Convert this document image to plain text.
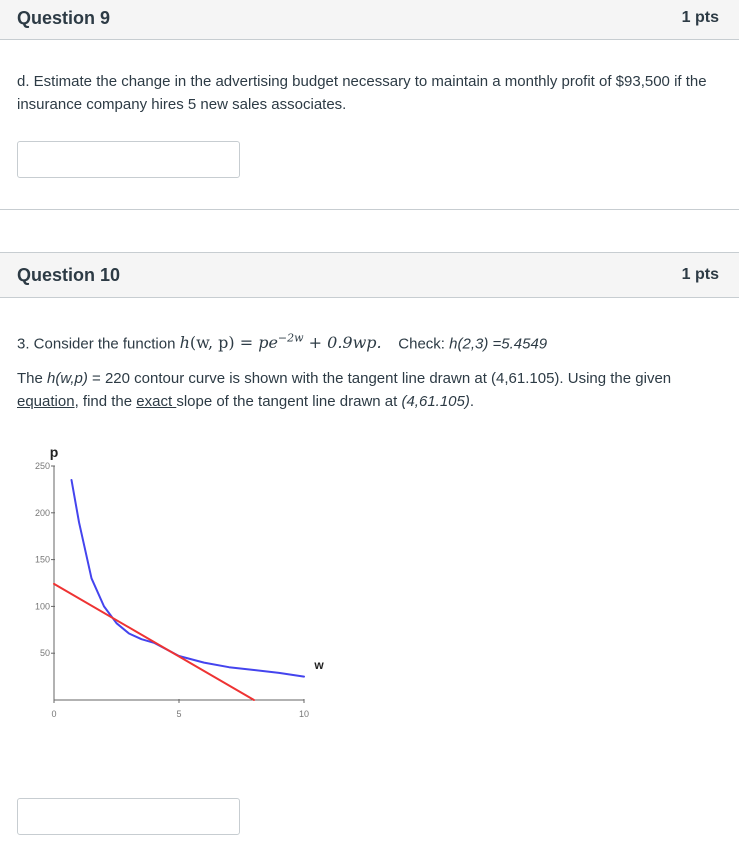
Question 9	1 pts
d. Estimate the change in the advertising budget necessary to maintain a monthly profit of $93,500 if the insurance company hires 5 new sales associates.
Question 10	1 pts
3. Consider the function h(w, $p) = pe^{-2w} + 0.9wp$. Check: h(2,3) =5.4549
The h(w,p) = 220 contour curve is shown with the tangent line drawn at (4,61.105). Using the given equation, find the exact slope of the tangent line drawn at (4,61.105).
50
100
150
200
250
0	5	10
p
w
